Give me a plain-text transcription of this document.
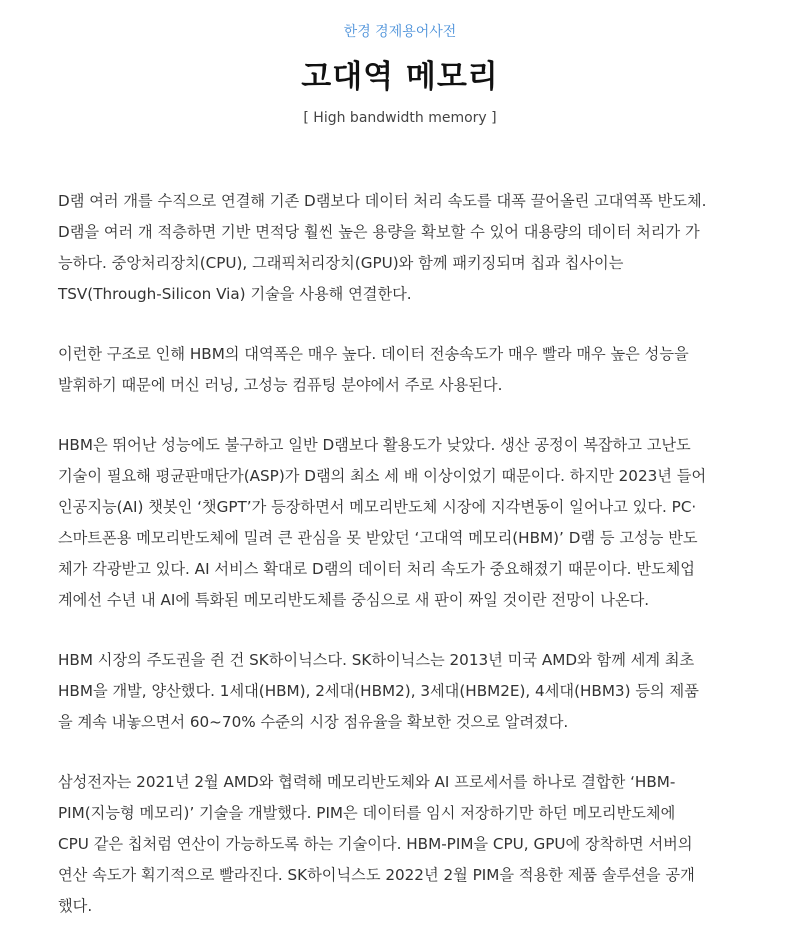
한경 경제용어사전
고대역 메모리
[ High bandwidth memory ]

D램 여러 개를 수직으로 연결해 기존 D램보다 데이터 처리 속도를 대폭 끌어올린 고대역폭 반도체.
D램을 여러 개 적층하면 기반 면적당 훨씬 높은 용량을 확보할 수 있어 대용량의 데이터 처리가 가
능하다. 중앙처리장치(CPU), 그래픽처리장치(GPU)와 함께 패키징되며 칩과 칩사이는
TSV(Through-Silicon Via) 기술을 사용해 연결한다.

이런한 구조로 인해 HBM의 대역폭은 매우 높다. 데이터 전송속도가 매우 빨라 매우 높은 성능을
발휘하기 때문에 머신 러닝, 고성능 컴퓨팅 분야에서 주로 사용된다.

HBM은 뛰어난 성능에도 불구하고 일반 D램보다 활용도가 낮았다. 생산 공정이 복잡하고 고난도
기술이 필요해 평균판매단가(ASP)가 D램의 최소 세 배 이상이었기 때문이다. 하지만 2023년 들어
인공지능(AI) 챗봇인 ‘챗GPT’가 등장하면서 메모리반도체 시장에 지각변동이 일어나고 있다. PC·
스마트폰용 메모리반도체에 밀려 큰 관심을 못 받았던 ‘고대역 메모리(HBM)’ D램 등 고성능 반도
체가 각광받고 있다. AI 서비스 확대로 D램의 데이터 처리 속도가 중요해졌기 때문이다. 반도체업
계에선 수년 내 AI에 특화된 메모리반도체를 중심으로 새 판이 짜일 것이란 전망이 나온다.

HBM 시장의 주도권을 쥔 건 SK하이닉스다. SK하이닉스는 2013년 미국 AMD와 함께 세계 최초
HBM을 개발, 양산했다. 1세대(HBM), 2세대(HBM2), 3세대(HBM2E), 4세대(HBM3) 등의 제품
을 계속 내놓으면서 60~70% 수준의 시장 점유율을 확보한 것으로 알려졌다.

삼성전자는 2021년 2월 AMD와 협력해 메모리반도체와 AI 프로세서를 하나로 결합한 ‘HBM-
PIM(지능형 메모리)’ 기술을 개발했다. PIM은 데이터를 임시 저장하기만 하던 메모리반도체에
CPU 같은 칩처럼 연산이 가능하도록 하는 기술이다. HBM-PIM을 CPU, GPU에 장착하면 서버의
연산 속도가 획기적으로 빨라진다. SK하이닉스도 2022년 2월 PIM을 적용한 제품 솔루션을 공개
했다.
